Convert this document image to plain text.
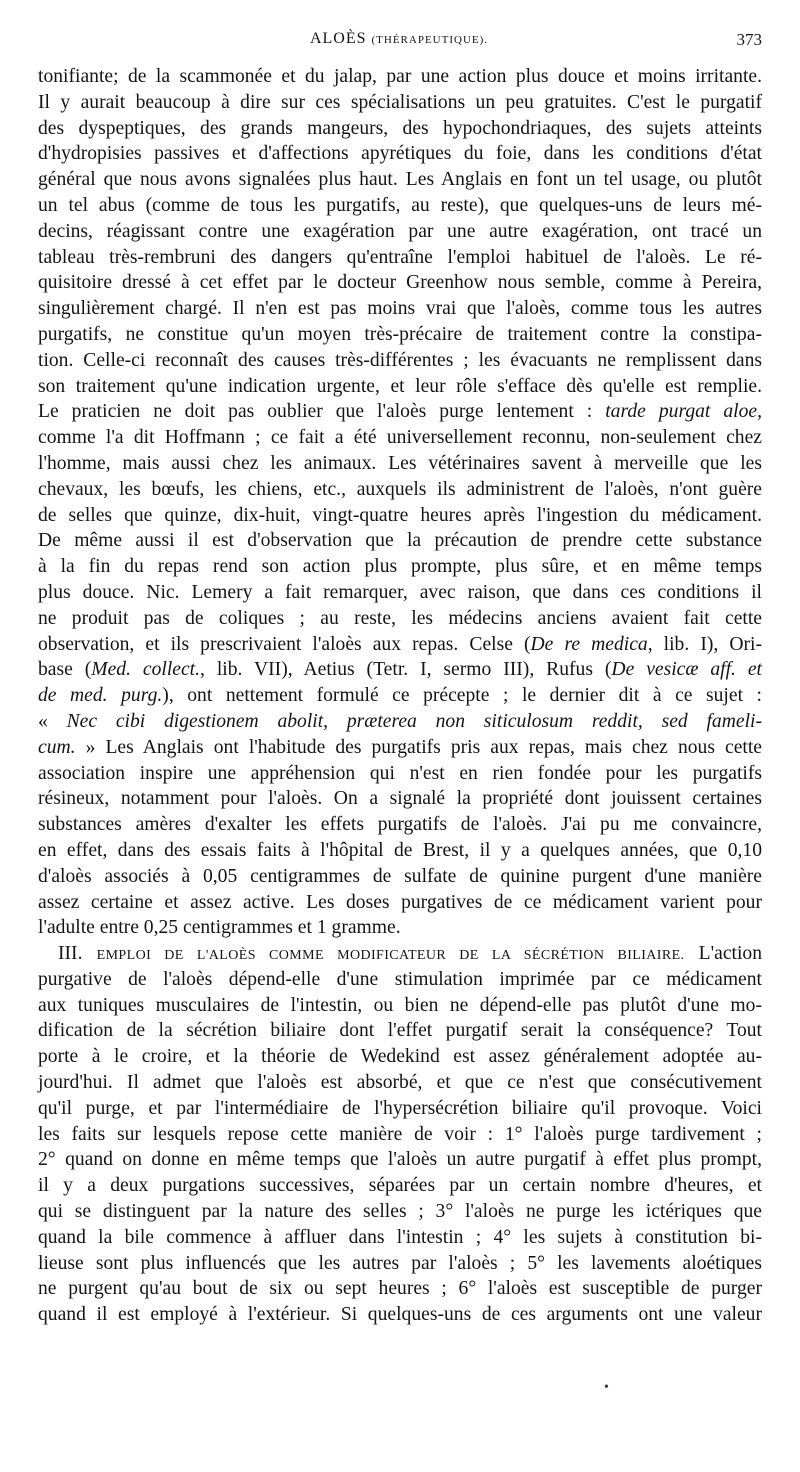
ALOÈS (THÉRAPEUTIQUE).	373
tonifiante; de la scammonée et du jalap, par une action plus douce et moins irritante.
Il y aurait beaucoup à dire sur ces spécialisations un peu gratuites. C'est le purgatif
des dyspeptiques, des grands mangeurs, des hypochondriaques, des sujets atteints
d'hydropisies passives et d'affections apyrétiques du foie, dans les conditions d'état
général que nous avons signalées plus haut. Les Anglais en font un tel usage, ou plutôt
un tel abus (comme de tous les purgatifs, au reste), que quelques-uns de leurs mé-
decins, réagissant contre une exagération par une autre exagération, ont tracé un
tableau très-rembruni des dangers qu'entraîne l'emploi habituel de l'aloès. Le ré-
quisitoire dressé à cet effet par le docteur Greenhow nous semble, comme à Pereira,
singulièrement chargé. Il n'en est pas moins vrai que l'aloès, comme tous les autres
purgatifs, ne constitue qu'un moyen très-précaire de traitement contre la constipa-
tion. Celle-ci reconnaît des causes très-différentes ; les évacuants ne remplissent dans
son traitement qu'une indication urgente, et leur rôle s'efface dès qu'elle est remplie.
Le praticien ne doit pas oublier que l'aloès purge lentement : tarde purgat aloe,
comme l'a dit Hoffmann ; ce fait a été universellement reconnu, non-seulement chez
l'homme, mais aussi chez les animaux. Les vétérinaires savent à merveille que les
chevaux, les bœufs, les chiens, etc., auxquels ils administrent de l'aloès, n'ont guère
de selles que quinze, dix-huit, vingt-quatre heures après l'ingestion du médicament.
De même aussi il est d'observation que la précaution de prendre cette substance
à la fin du repas rend son action plus prompte, plus sûre, et en même temps
plus douce. Nic. Lemery a fait remarquer, avec raison, que dans ces conditions il
ne produit pas de coliques ; au reste, les médecins anciens avaient fait cette
observation, et ils prescrivaient l'aloès aux repas. Celse (De re medica, lib. I), Ori-
base (Med. collect., lib. VII), Aetius (Tetr. I, sermo III), Rufus (De vesicæ aff. et
de med. purg.), ont nettement formulé ce précepte ; le dernier dit à ce sujet :
« Nec cibi digestionem abolit, præterea non siticulosum reddit, sed fameli-
cum. » Les Anglais ont l'habitude des purgatifs pris aux repas, mais chez nous cette
association inspire une appréhension qui n'est en rien fondée pour les purgatifs
résineux, notamment pour l'aloès. On a signalé la propriété dont jouissent certaines
substances amères d'exalter les effets purgatifs de l'aloès. J'ai pu me convaincre,
en effet, dans des essais faits à l'hôpital de Brest, il y a quelques années, que 0,10
d'aloès associés à 0,05 centigrammes de sulfate de quinine purgent d'une manière
assez certaine et assez active. Les doses purgatives de ce médicament varient pour
l'adulte entre 0,25 centigrammes et 1 gramme.
III. EMPLOI DE L'ALOÈS COMME MODIFICATEUR DE LA SÉCRÉTION BILIAIRE. L'action
purgative de l'aloès dépend-elle d'une stimulation imprimée par ce médicament
aux tuniques musculaires de l'intestin, ou bien ne dépend-elle pas plutôt d'une mo-
dification de la sécrétion biliaire dont l'effet purgatif serait la conséquence? Tout
porte à le croire, et la théorie de Wedekind est assez généralement adoptée au-
jourd'hui. Il admet que l'aloès est absorbé, et que ce n'est que consécutivement
qu'il purge, et par l'intermédiaire de l'hypersécrétion biliaire qu'il provoque. Voici
les faits sur lesquels repose cette manière de voir : 1° l'aloès purge tardivement ;
2° quand on donne en même temps que l'aloès un autre purgatif à effet plus prompt,
il y a deux purgations successives, séparées par un certain nombre d'heures, et
qui se distinguent par la nature des selles ; 3° l'aloès ne purge les ictériques que
quand la bile commence à affluer dans l'intestin ; 4° les sujets à constitution bi-
lieuse sont plus influencés que les autres par l'aloès ; 5° les lavements aloétiques
ne purgent qu'au bout de six ou sept heures ; 6° l'aloès est susceptible de purger
quand il est employé à l'extérieur. Si quelques-uns de ces arguments ont une valeur
•
